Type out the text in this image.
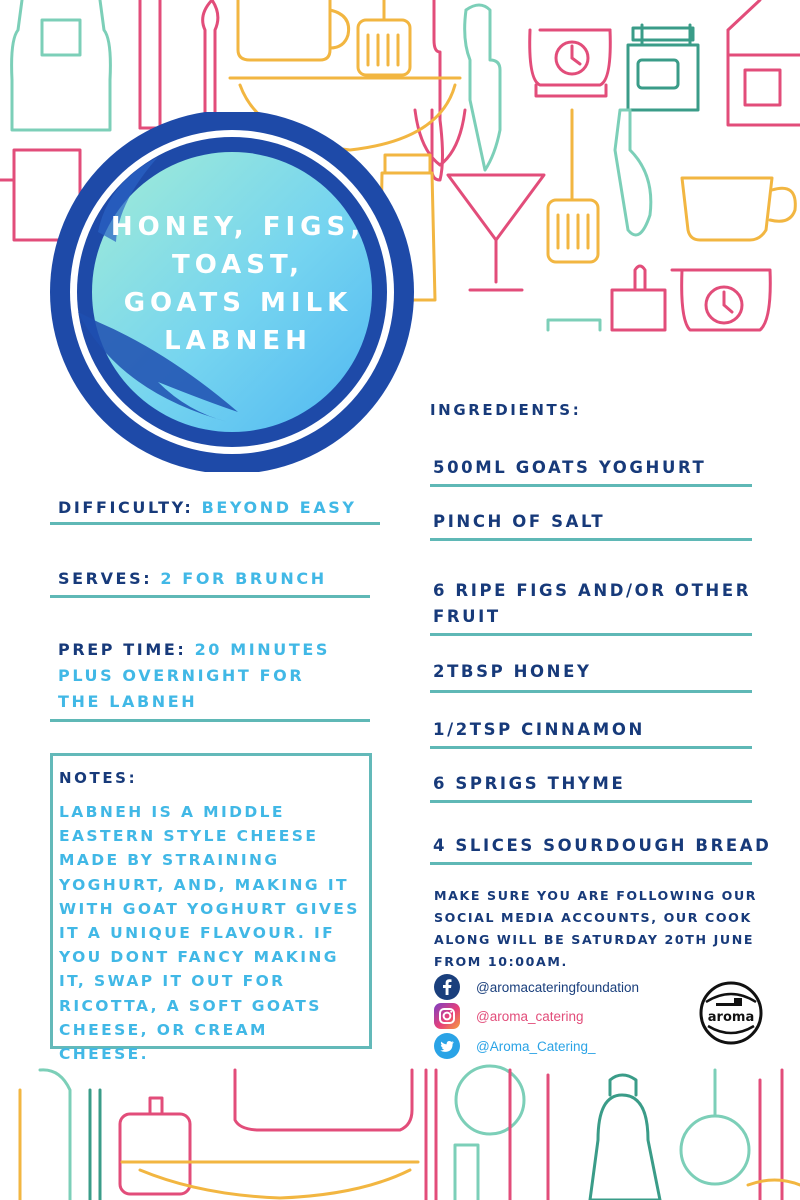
HONEY, FIGS, TOAST, GOATS MILK LABNEH
DIFFICULTY: BEYOND EASY
SERVES: 2 FOR BRUNCH
PREP TIME: 20 MINUTES PLUS OVERNIGHT FOR THE LABNEH
NOTES:
LABNEH IS A MIDDLE EASTERN STYLE CHEESE MADE BY STRAINING YOGHURT, AND, MAKING IT WITH GOAT YOGHURT GIVES IT A UNIQUE FLAVOUR. IF YOU DONT FANCY MAKING IT, SWAP IT OUT FOR RICOTTA, A SOFT GOATS CHEESE, OR CREAM CHEESE.
INGREDIENTS:
500ML GOATS YOGHURT
PINCH OF SALT
6 RIPE FIGS AND/OR OTHER FRUIT
2TBSP HONEY
1/2TSP CINNAMON
6 SPRIGS THYME
4 SLICES SOURDOUGH BREAD
MAKE SURE YOU ARE FOLLOWING OUR SOCIAL MEDIA ACCOUNTS, OUR COOK ALONG WILL BE SATURDAY 20TH JUNE FROM 10:00AM.
@aromacateringfoundation
@aroma_catering
@Aroma_Catering_
aroma
